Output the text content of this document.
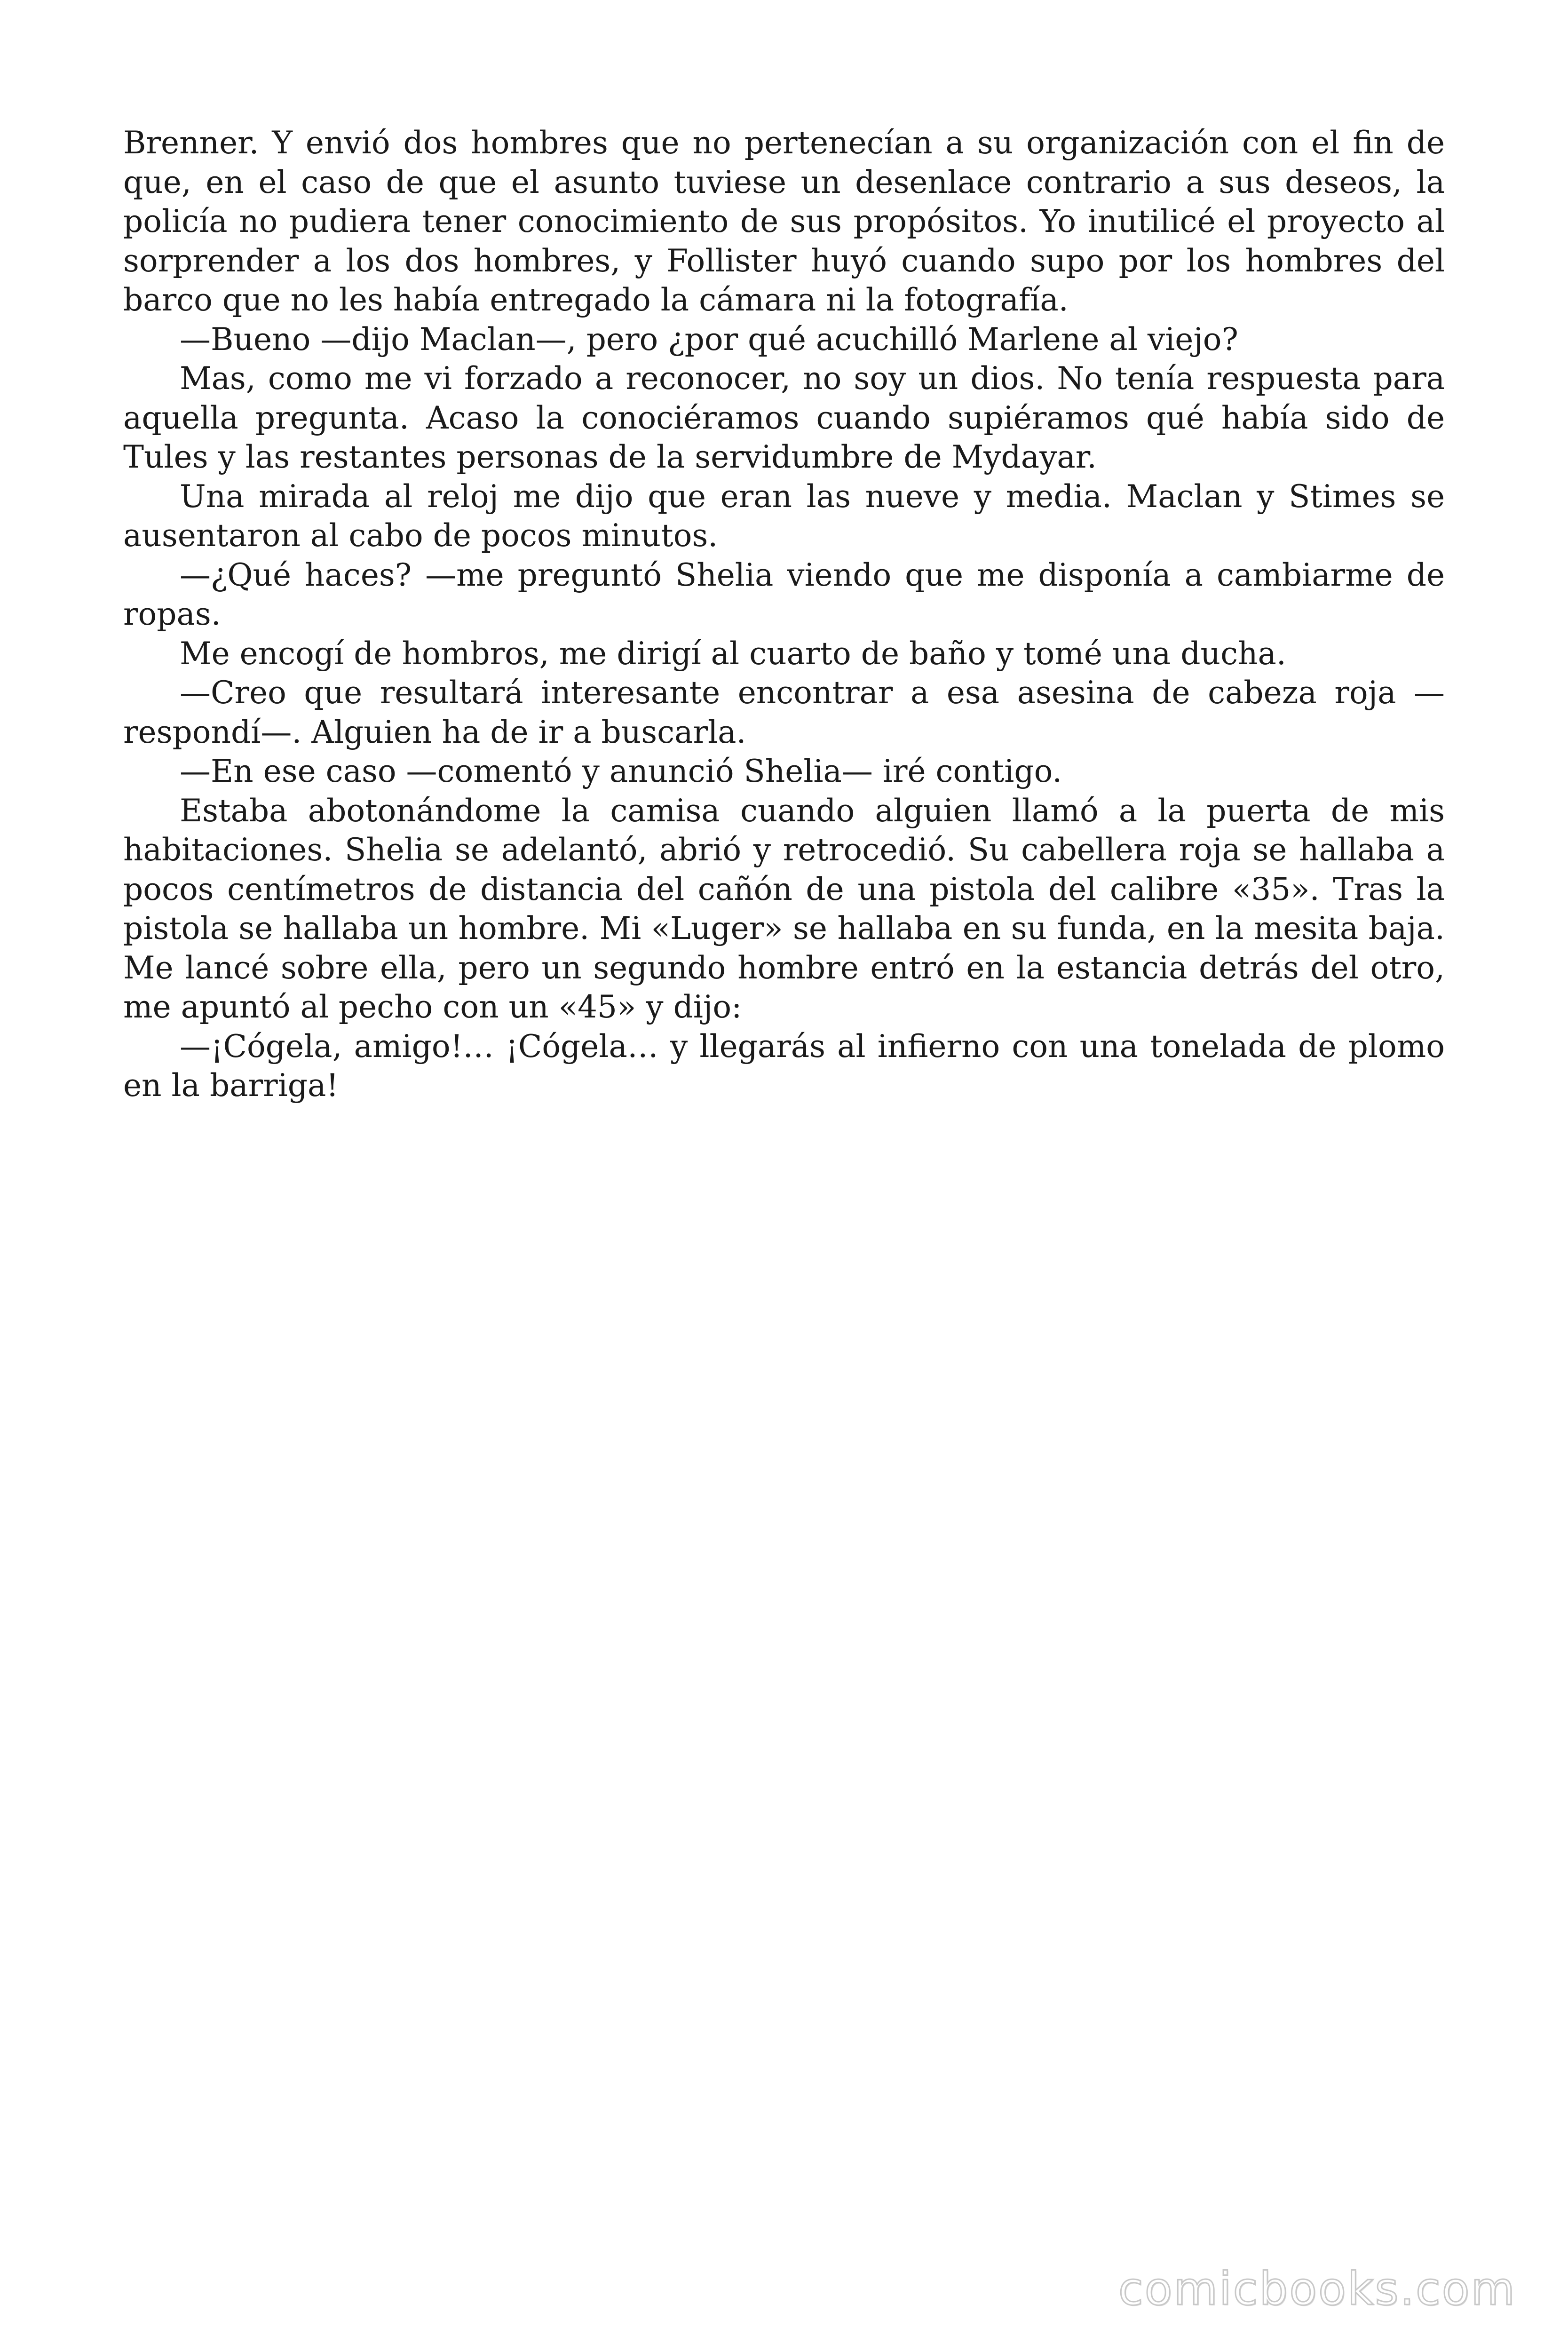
Brenner. Y envió dos hombres que no pertenecían a su organización con el fin de que, en el caso de que el asunto tuviese un desenlace contrario a sus deseos, la policía no pudiera tener conocimiento de sus propósitos. Yo inutilicé el proyecto al sorprender a los dos hombres, y Follister huyó cuando supo por los hombres del barco que no les había entregado la cámara ni la fotografía.

—Bueno —dijo Maclan—, pero ¿por qué acuchilló Marlene al viejo?

Mas, como me vi forzado a reconocer, no soy un dios. No tenía respuesta para aquella pregunta. Acaso la conociéramos cuando supiéramos qué había sido de Tules y las restantes personas de la servidumbre de Mydayar.

Una mirada al reloj me dijo que eran las nueve y media. Maclan y Stimes se ausentaron al cabo de pocos minutos.

—¿Qué haces? —me preguntó Shelia viendo que me disponía a cambiarme de ropas.

Me encogí de hombros, me dirigí al cuarto de baño y tomé una ducha.

—Creo que resultará interesante encontrar a esa asesina de cabeza roja —respondí—. Alguien ha de ir a buscarla.

—En ese caso —comentó y anunció Shelia— iré contigo.

Estaba abotonándome la camisa cuando alguien llamó a la puerta de mis habitaciones. Shelia se adelantó, abrió y retrocedió. Su cabellera roja se hallaba a pocos centímetros de distancia del cañón de una pistola del calibre «35». Tras la pistola se hallaba un hombre. Mi «Luger» se hallaba en su funda, en la mesita baja. Me lancé sobre ella, pero un segundo hombre entró en la estancia detrás del otro, me apuntó al pecho con un «45» y dijo:

—¡Cógela, amigo!… ¡Cógela… y llegarás al infierno con una tonelada de plomo en la barriga!

comicbooks.com
